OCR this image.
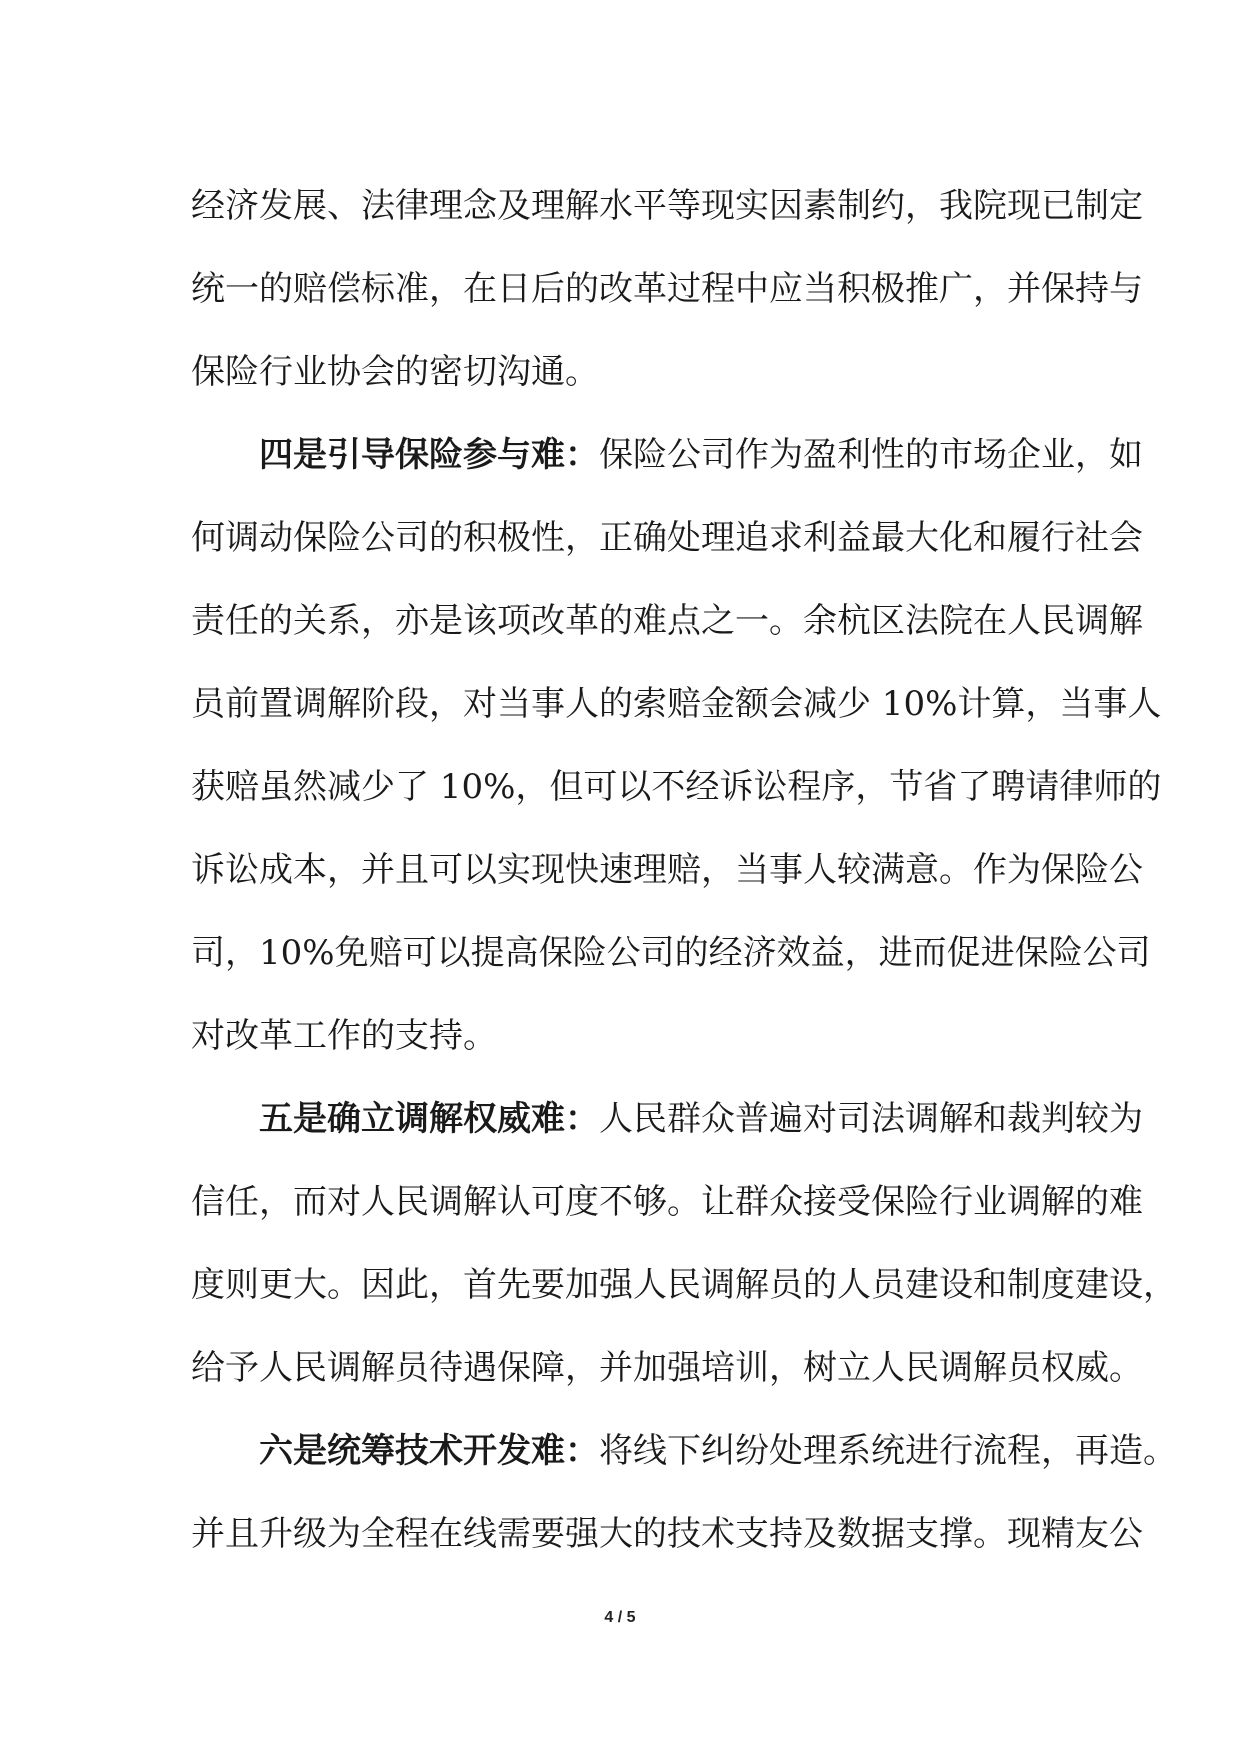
经济发展、法律理念及理解水平等现实因素制约，我院现已制定
统一的赔偿标准，在日后的改革过程中应当积极推广，并保持与
保险行业协会的密切沟通。
四是引导保险参与难：保险公司作为盈利性的市场企业，如
何调动保险公司的积极性，正确处理追求利益最大化和履行社会
责任的关系，亦是该项改革的难点之一。余杭区法院在人民调解
员前置调解阶段，对当事人的索赔金额会减少 10%计算，当事人
获赔虽然减少了 10%，但可以不经诉讼程序，节省了聘请律师的
诉讼成本，并且可以实现快速理赔，当事人较满意。作为保险公
司，10%免赔可以提高保险公司的经济效益，进而促进保险公司
对改革工作的支持。
五是确立调解权威难：人民群众普遍对司法调解和裁判较为
信任，而对人民调解认可度不够。让群众接受保险行业调解的难
度则更大。因此，首先要加强人民调解员的人员建设和制度建设，
给予人民调解员待遇保障，并加强培训，树立人民调解员权威。
六是统筹技术开发难：将线下纠纷处理系统进行流程，再造。
并且升级为全程在线需要强大的技术支持及数据支撑。现精友公
4 / 5
